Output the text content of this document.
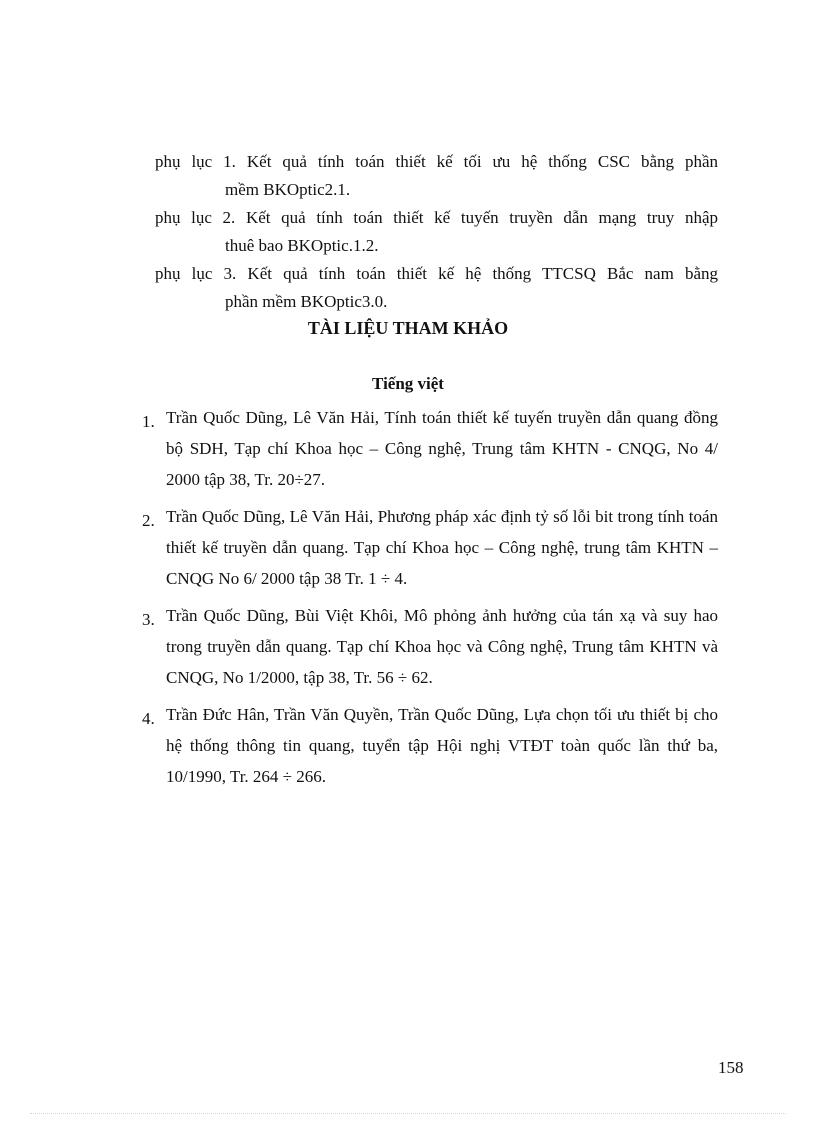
phụ lục 1. Kết quả tính toán thiết kế tối ưu hệ thống CSC bằng phần
mềm BKOptic2.1.
phụ lục 2. Kết quả tính toán thiết kế tuyến truyền dẫn mạng truy nhập
thuê bao BKOptic.1.2.
phụ lục 3. Kết quả tính toán thiết kế hệ thống TTCSQ Bắc nam bằng
phần mềm BKOptic3.0.
TÀI LIỆU THAM KHẢO
Tiếng việt
1. Trần Quốc Dũng, Lê Văn Hải, Tính toán thiết kế tuyến truyền dẫn quang đồng bộ SDH, Tạp chí Khoa học – Công nghệ, Trung tâm KHTN - CNQG, No 4/ 2000 tập 38, Tr. 20÷27.
2. Trần Quốc Dũng, Lê Văn Hải, Phương pháp xác định tỷ số lỗi bit trong tính toán thiết kế truyền dẫn quang. Tạp chí Khoa học – Công nghệ, trung tâm KHTN – CNQG No 6/ 2000 tập 38 Tr. 1 ÷ 4.
3. Trần Quốc Dũng, Bùi Việt Khôi, Mô phỏng ảnh hưởng của tán xạ và suy hao trong truyền dẫn quang. Tạp chí Khoa học và Công nghệ, Trung tâm KHTN và CNQG, No 1/2000, tập 38, Tr. 56 ÷ 62.
4. Trần Đức Hân, Trần Văn Quyền, Trần Quốc Dũng, Lựa chọn tối ưu thiết bị cho hệ thống thông tin quang, tuyển tập Hội nghị VTĐT toàn quốc lần thứ ba, 10/1990, Tr. 264 ÷ 266.
158
